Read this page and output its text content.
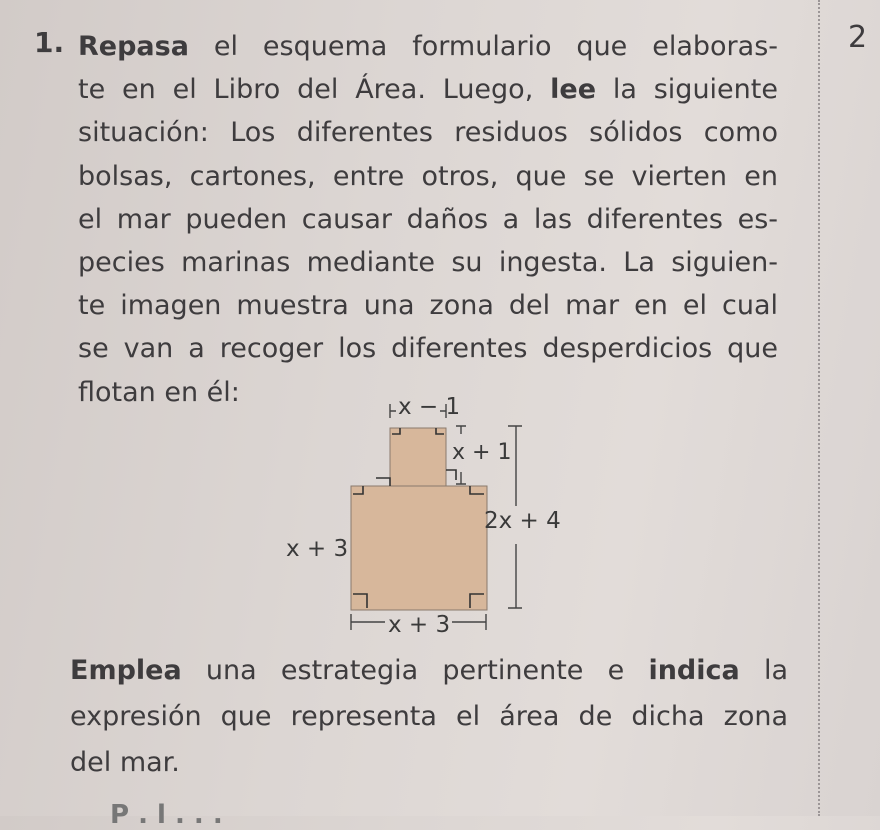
2
1. Repasa el esquema formulario que elaboras-
te en el Libro del Área. Luego, lee la siguiente
situación: Los diferentes residuos sólidos como
bolsas, cartones, entre otros, que se vierten en
el mar pueden causar daños a las diferentes es-
pecies marinas mediante su ingesta. La siguien-
te imagen muestra una zona del mar en el cual
se van a recoger los diferentes desperdicios que
flotan en él:	x − 1
x + 1
2x + 4
x + 3
x + 3

Emplea una estrategia pertinente e indica la
expresión que representa el área de dicha zona
del mar.

P . l . . .
